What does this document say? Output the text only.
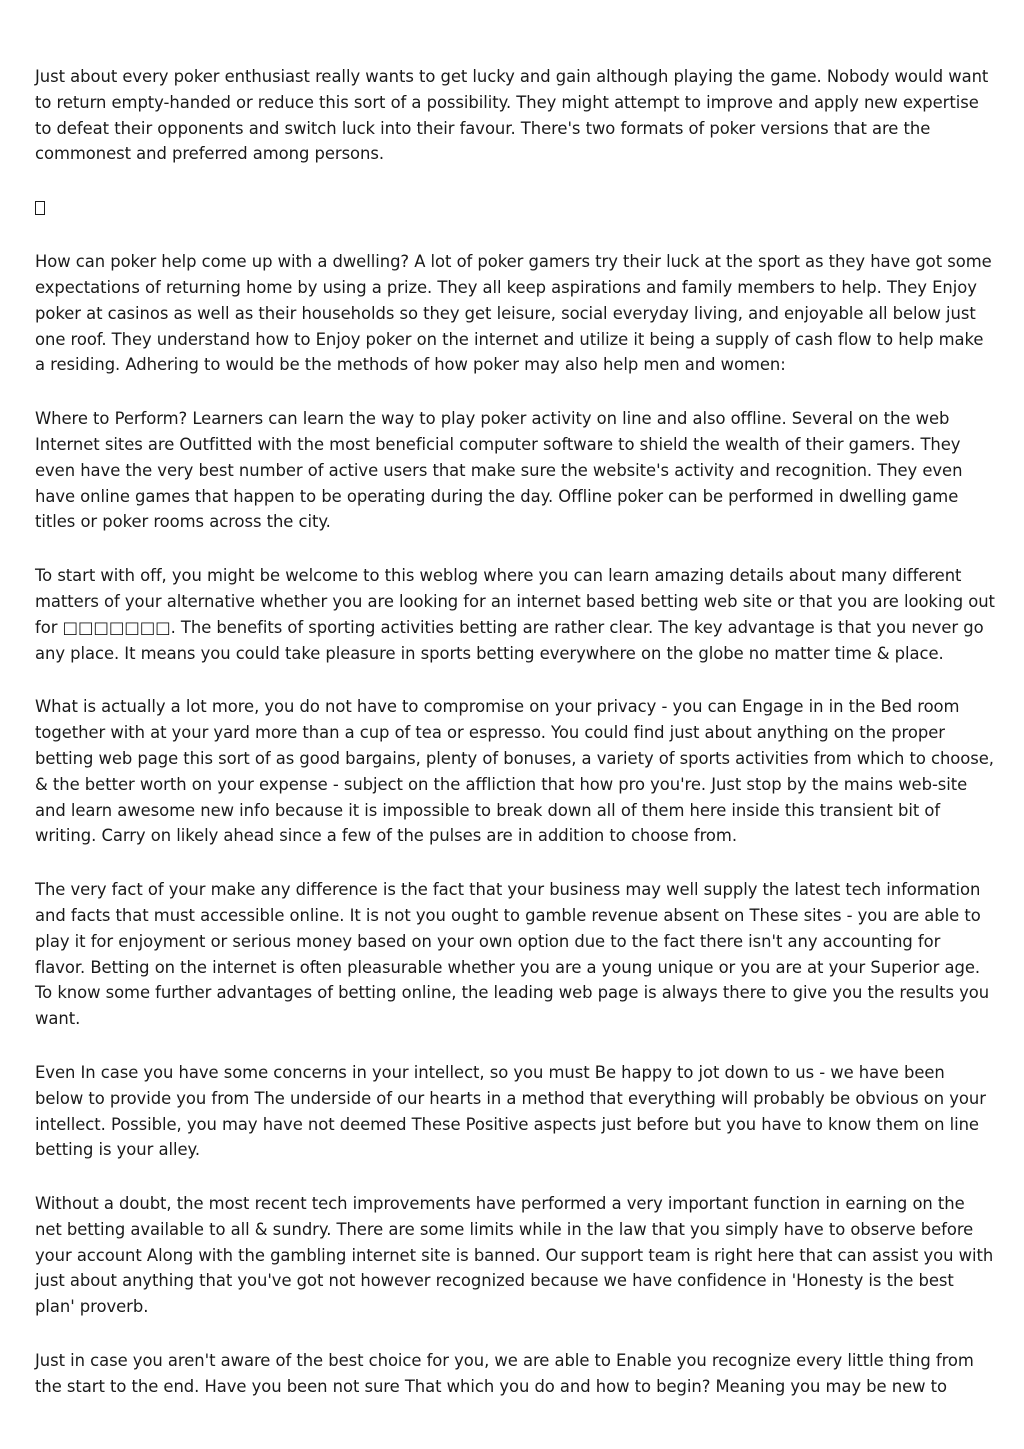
Just about every poker enthusiast really wants to get lucky and gain although playing the game. Nobody would want to return empty-handed or reduce this sort of a possibility. They might attempt to improve and apply new expertise to defeat their opponents and switch luck into their favour. There's two formats of poker versions that are the commonest and preferred among persons.

How can poker help come up with a dwelling? A lot of poker gamers try their luck at the sport as they have got some expectations of returning home by using a prize. They all keep aspirations and family members to help. They Enjoy poker at casinos as well as their households so they get leisure, social everyday living, and enjoyable all below just one roof. They understand how to Enjoy poker on the internet and utilize it being a supply of cash flow to help make a residing. Adhering to would be the methods of how poker may also help men and women:

Where to Perform? Learners can learn the way to play poker activity on line and also offline. Several on the web Internet sites are Outfitted with the most beneficial computer software to shield the wealth of their gamers. They even have the very best number of active users that make sure the website's activity and recognition. They even have online games that happen to be operating during the day. Offline poker can be performed in dwelling game titles or poker rooms across the city.

To start with off, you might be welcome to this weblog where you can learn amazing details about many different matters of your alternative whether you are looking for an internet based betting web site or that you are looking out for □□□□□□□. The benefits of sporting activities betting are rather clear. The key advantage is that you never go any place. It means you could take pleasure in sports betting everywhere on the globe no matter time & place.

What is actually a lot more, you do not have to compromise on your privacy - you can Engage in in the Bed room together with at your yard more than a cup of tea or espresso. You could find just about anything on the proper betting web page this sort of as good bargains, plenty of bonuses, a variety of sports activities from which to choose, & the better worth on your expense - subject on the affliction that how pro you're. Just stop by the mains web-site and learn awesome new info because it is impossible to break down all of them here inside this transient bit of writing. Carry on likely ahead since a few of the pulses are in addition to choose from.

The very fact of your make any difference is the fact that your business may well supply the latest tech information and facts that must accessible online. It is not you ought to gamble revenue absent on These sites - you are able to play it for enjoyment or serious money based on your own option due to the fact there isn't any accounting for flavor. Betting on the internet is often pleasurable whether you are a young unique or you are at your Superior age. To know some further advantages of betting online, the leading web page is always there to give you the results you want.

Even In case you have some concerns in your intellect, so you must Be happy to jot down to us - we have been below to provide you from The underside of our hearts in a method that everything will probably be obvious on your intellect. Possible, you may have not deemed These Positive aspects just before but you have to know them on line betting is your alley.

Without a doubt, the most recent tech improvements have performed a very important function in earning on the net betting available to all & sundry. There are some limits while in the law that you simply have to observe before your account Along with the gambling internet site is banned. Our support team is right here that can assist you with just about anything that you've got not however recognized because we have confidence in 'Honesty is the best plan' proverb.

Just in case you aren't aware of the best choice for you, we are able to Enable you recognize every little thing from the start to the end. Have you been not sure That which you do and how to begin? Meaning you may be new to
